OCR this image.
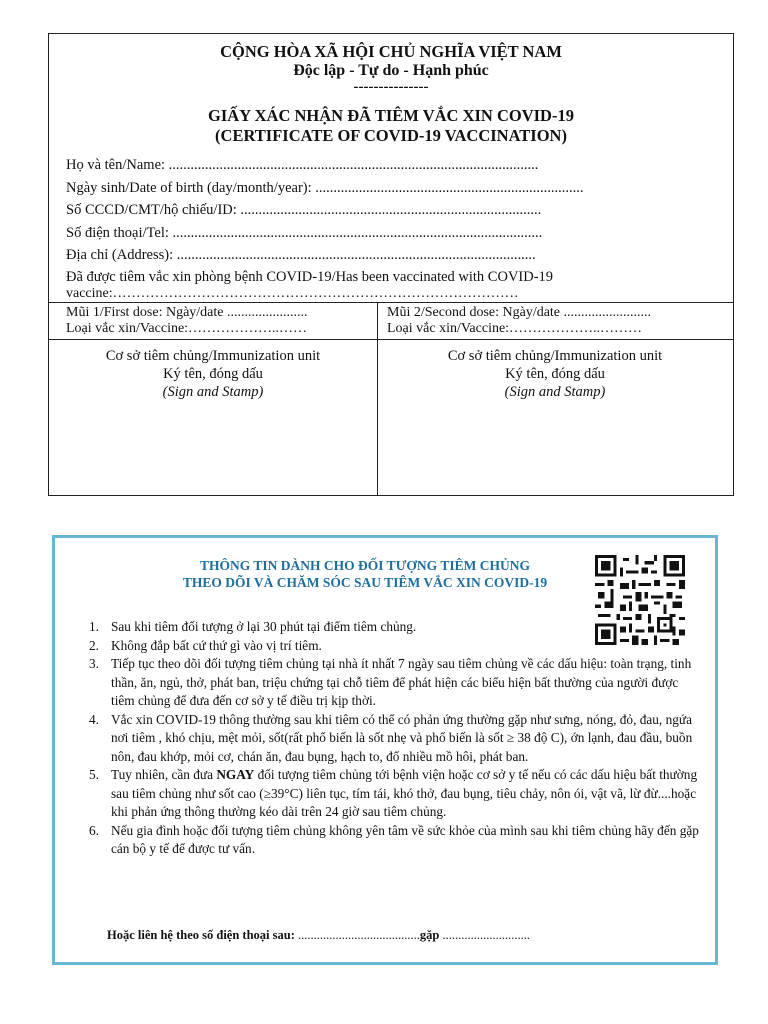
CỘNG HÒA XÃ HỘI CHỦ NGHĨA VIỆT NAM
Độc lập - Tự do - Hạnh phúc
---------------
GIẤY XÁC NHẬN ĐÃ TIÊM VẮC XIN COVID-19
(CERTIFICATE OF COVID-19 VACCINATION)
Họ và tên/Name: ......................................................................................................
Ngày sinh/Date of birth (day/month/year): ..........................................................................
Số CCCD/CMT/hộ chiếu/ID: ...................................................................................
Số điện thoại/Tel: ......................................................................................................
Địa chỉ (Address): ...................................................................................................
Đã được tiêm vắc xin phòng bệnh COVID-19/Has been vaccinated with COVID-19
vaccine:……………………………………………………………………………
Mũi 1/First dose: Ngày/date .......................
Loại vắc xin/Vaccine:………………..……
Mũi 2/Second dose: Ngày/date .........................
Loại vắc xin/Vaccine:………………..………
Cơ sở tiêm chủng/Immunization unit
Ký tên, đóng dấu
(Sign and Stamp)
Cơ sở tiêm chủng/Immunization unit
Ký tên, đóng dấu
(Sign and Stamp)
THÔNG TIN DÀNH CHO ĐỐI TƯỢNG TIÊM CHỦNG
THEO DÕI VÀ CHĂM SÓC SAU TIÊM VẮC XIN COVID-19
1. Sau khi tiêm đối tượng ở lại 30 phút tại điểm tiêm chủng.
2. Không đắp bất cứ thứ gì vào vị trí tiêm.
3. Tiếp tục theo dõi đối tượng tiêm chủng tại nhà ít nhất 7 ngày sau tiêm chủng về các dấu hiệu: toàn trạng, tinh thần, ăn, ngủ, thở, phát ban, triệu chứng tại chỗ tiêm để phát hiện các biểu hiện bất thường của người được tiêm chủng để đưa đến cơ sở y tế điều trị kịp thời.
4. Vắc xin COVID-19 thông thường sau khi tiêm có thể có phản ứng thường gặp như sưng, nóng, đỏ, đau, ngứa nơi tiêm , khó chịu, mệt mỏi, sốt(rất phổ biến là sốt nhẹ và phổ biến là sốt ≥ 38 độ C), ớn lạnh, đau đầu, buồn nôn, đau khớp, mỏi cơ, chán ăn, đau bụng, hạch to, đổ nhiều mồ hôi, phát ban.
5. Tuy nhiên, cần đưa NGAY đối tượng tiêm chủng tới bệnh viện hoặc cơ sở y tế nếu có các dấu hiệu bất thường sau tiêm chủng như sốt cao (≥39°C) liên tục, tím tái, khó thở, đau bụng, tiêu chảy, nôn ói, vật vã, lừ đừ....hoặc khi phản ứng thông thường kéo dài trên 24 giờ sau tiêm chủng.
6. Nếu gia đình hoặc đối tượng tiêm chủng không yên tâm về sức khỏe của mình sau khi tiêm chủng hãy đến gặp cán bộ y tế để được tư vấn.
Hoặc liên hệ theo số điện thoại sau: .......................................gặp ............................
